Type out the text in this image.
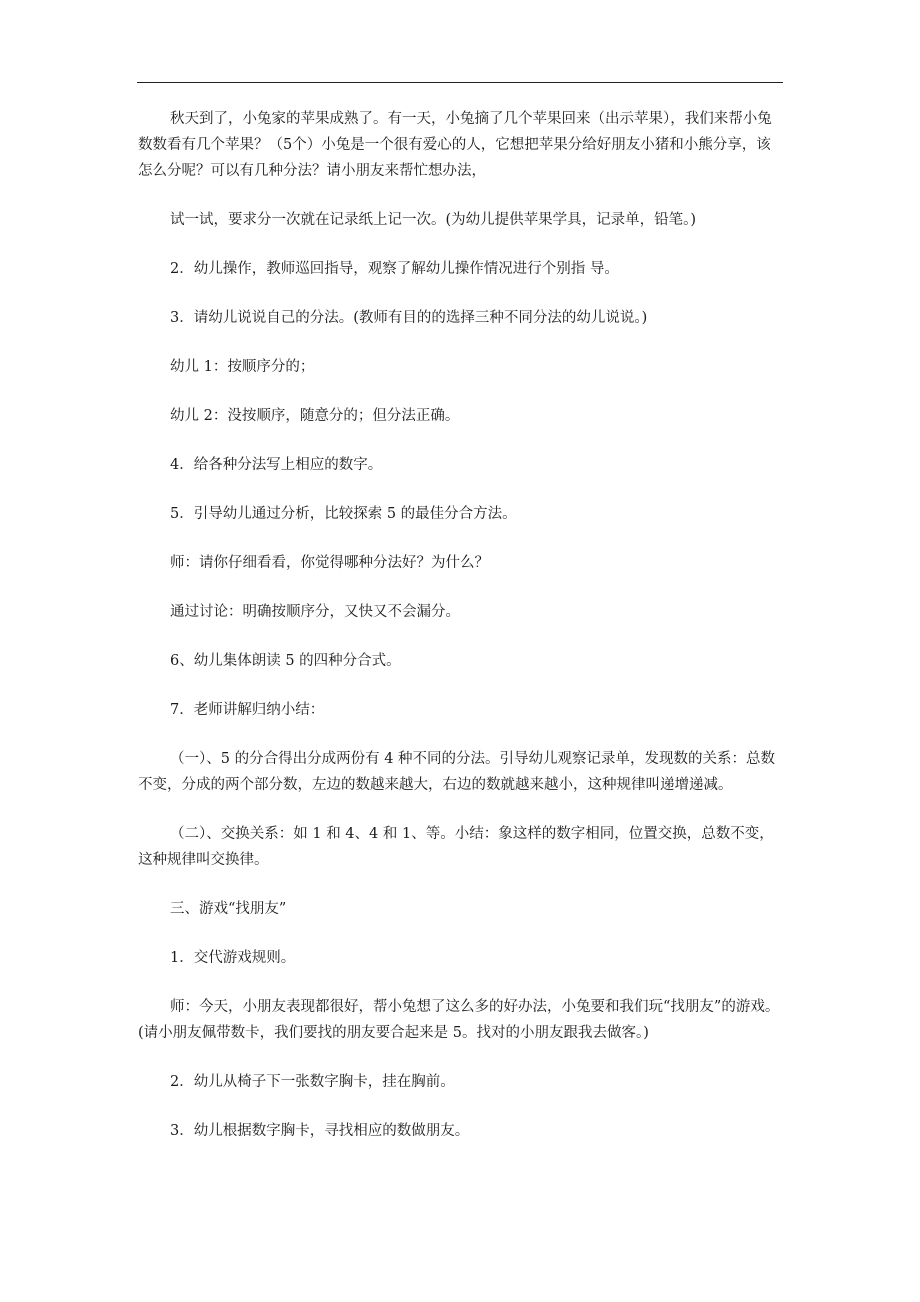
秋天到了，小兔家的苹果成熟了。有一天，小兔摘了几个苹果回来（出示苹果），我们来帮小兔数数看有几个苹果？（5个）小兔是一个很有爱心的人，它想把苹果分给好朋友小猪和小熊分享，该怎么分呢？可以有几种分法？请小朋友来帮忙想办法，

试一试，要求分一次就在记录纸上记一次。(为幼儿提供苹果学具，记录单，铅笔。)

2．幼儿操作，教师巡回指导，观察了解幼儿操作情况进行个别指 导。

3．请幼儿说说自己的分法。(教师有目的的选择三种不同分法的幼儿说说。)

幼儿 1：按顺序分的；

幼儿 2：没按顺序，随意分的；但分法正确。

4．给各种分法写上相应的数字。

5．引导幼儿通过分析，比较探索 5 的最佳分合方法。

师：请你仔细看看，你觉得哪种分法好？为什么？

通过讨论：明确按顺序分，又快又不会漏分。

6、幼儿集体朗读 5 的四种分合式。

7．老师讲解归纳小结：

（一）、5 的分合得出分成两份有 4 种不同的分法。引导幼儿观察记录单，发现数的关系：总数不变，分成的两个部分数，左边的数越来越大，右边的数就越来越小，这种规律叫递增递减。

（二）、交换关系：如 1 和 4、4 和 1、等。小结：象这样的数字相同，位置交换，总数不变，这种规律叫交换律。

三、游戏“找朋友”

1．交代游戏规则。

师：今天，小朋友表现都很好，帮小兔想了这么多的好办法，小兔要和我们玩“找朋友”的游戏。(请小朋友佩带数卡，我们要找的朋友要合起来是 5。找对的小朋友跟我去做客。)

2．幼儿从椅子下一张数字胸卡，挂在胸前。

3．幼儿根据数字胸卡，寻找相应的数做朋友。
